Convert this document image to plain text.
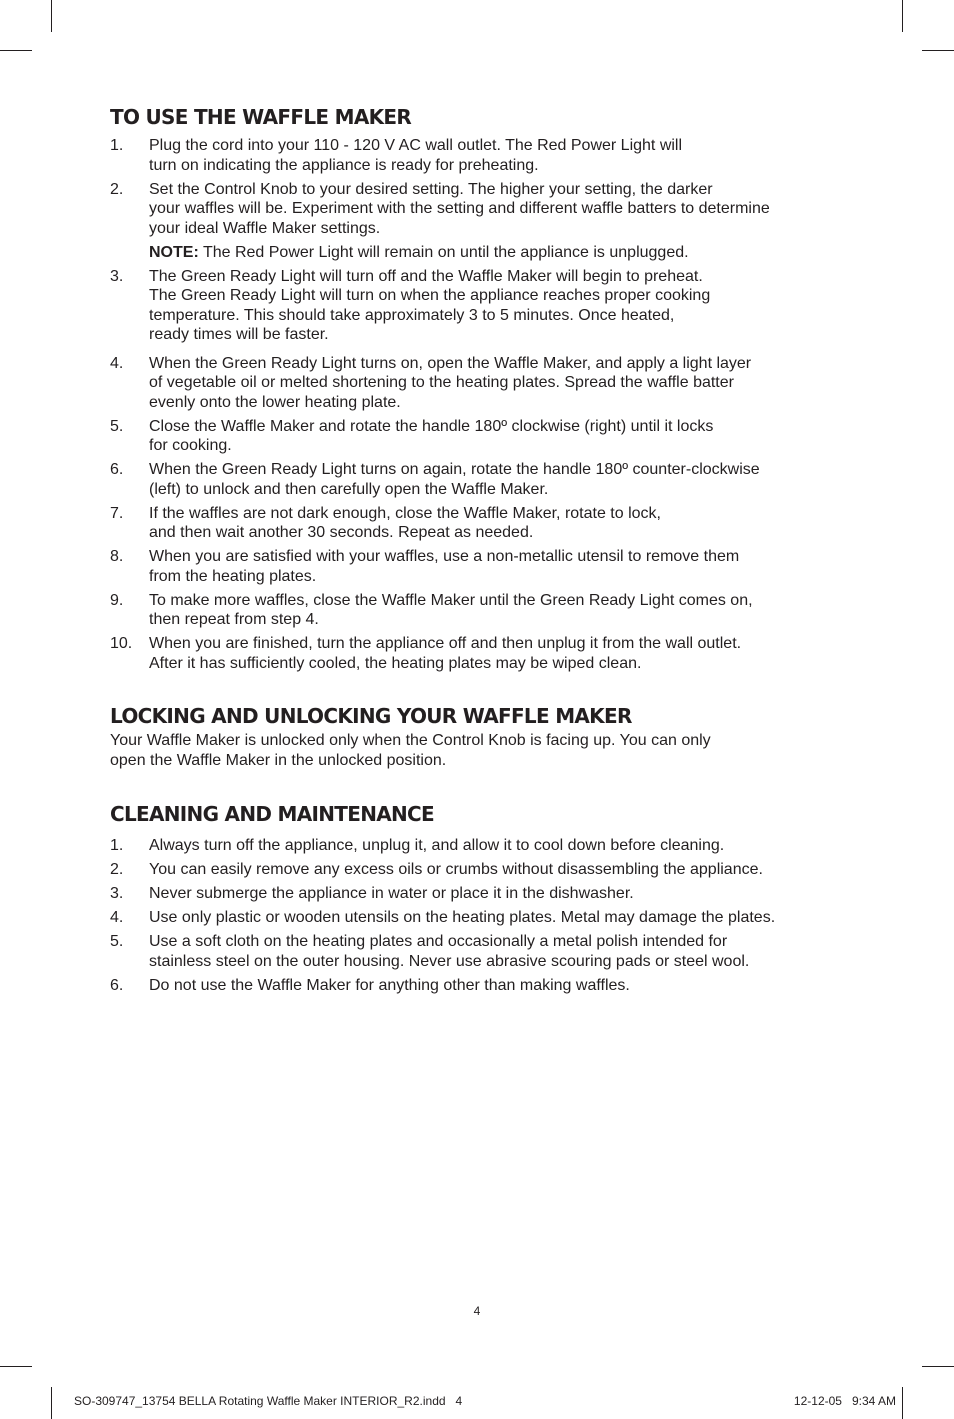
TO USE THE WAFFLE MAKER
1. Plug the cord into your 110 - 120 V AC wall outlet. The Red Power Light will
turn on indicating the appliance is ready for preheating.
2. Set the Control Knob to your desired setting. The higher your setting, the darker
your waffles will be. Experiment with the setting and different waffle batters to determine
your ideal Waffle Maker settings.
NOTE: The Red Power Light will remain on until the appliance is unplugged.
3. The Green Ready Light will turn off and the Waffle Maker will begin to preheat.
The Green Ready Light will turn on when the appliance reaches proper cooking
temperature. This should take approximately 3 to 5 minutes. Once heated,
ready times will be faster.
4. When the Green Ready Light turns on, open the Waffle Maker, and apply a light layer
of vegetable oil or melted shortening to the heating plates. Spread the waffle batter
evenly onto the lower heating plate.
5. Close the Waffle Maker and rotate the handle 180º clockwise (right) until it locks
for cooking.
6. When the Green Ready Light turns on again, rotate the handle 180º counter-clockwise
(left) to unlock and then carefully open the Waffle Maker.
7. If the waffles are not dark enough, close the Waffle Maker, rotate to lock,
and then wait another 30 seconds. Repeat as needed.
8. When you are satisfied with your waffles, use a non-metallic utensil to remove them
from the heating plates.
9. To make more waffles, close the Waffle Maker until the Green Ready Light comes on,
then repeat from step 4.
10. When you are finished, turn the appliance off and then unplug it from the wall outlet.
After it has sufficiently cooled, the heating plates may be wiped clean.
LOCKING AND UNLOCKING YOUR WAFFLE MAKER

Your Waffle Maker is unlocked only when the Control Knob is facing up. You can only
open the Waffle Maker in the unlocked position.

CLEANING AND MAINTENANCE
1. Always turn off the appliance, unplug it, and allow it to cool down before cleaning.
2. You can easily remove any excess oils or crumbs without disassembling the appliance.
3. Never submerge the appliance in water or place it in the dishwasher.
4. Use only plastic or wooden utensils on the heating plates. Metal may damage the plates.
5. Use a soft cloth on the heating plates and occasionally a metal polish intended for
stainless steel on the outer housing. Never use abrasive scouring pads or steel wool.
6. Do not use the Waffle Maker for anything other than making waffles.
4
SO-309747_13754 BELLA Rotating Waffle Maker INTERIOR_R2.indd   4	12-12-05   9:34 AM
